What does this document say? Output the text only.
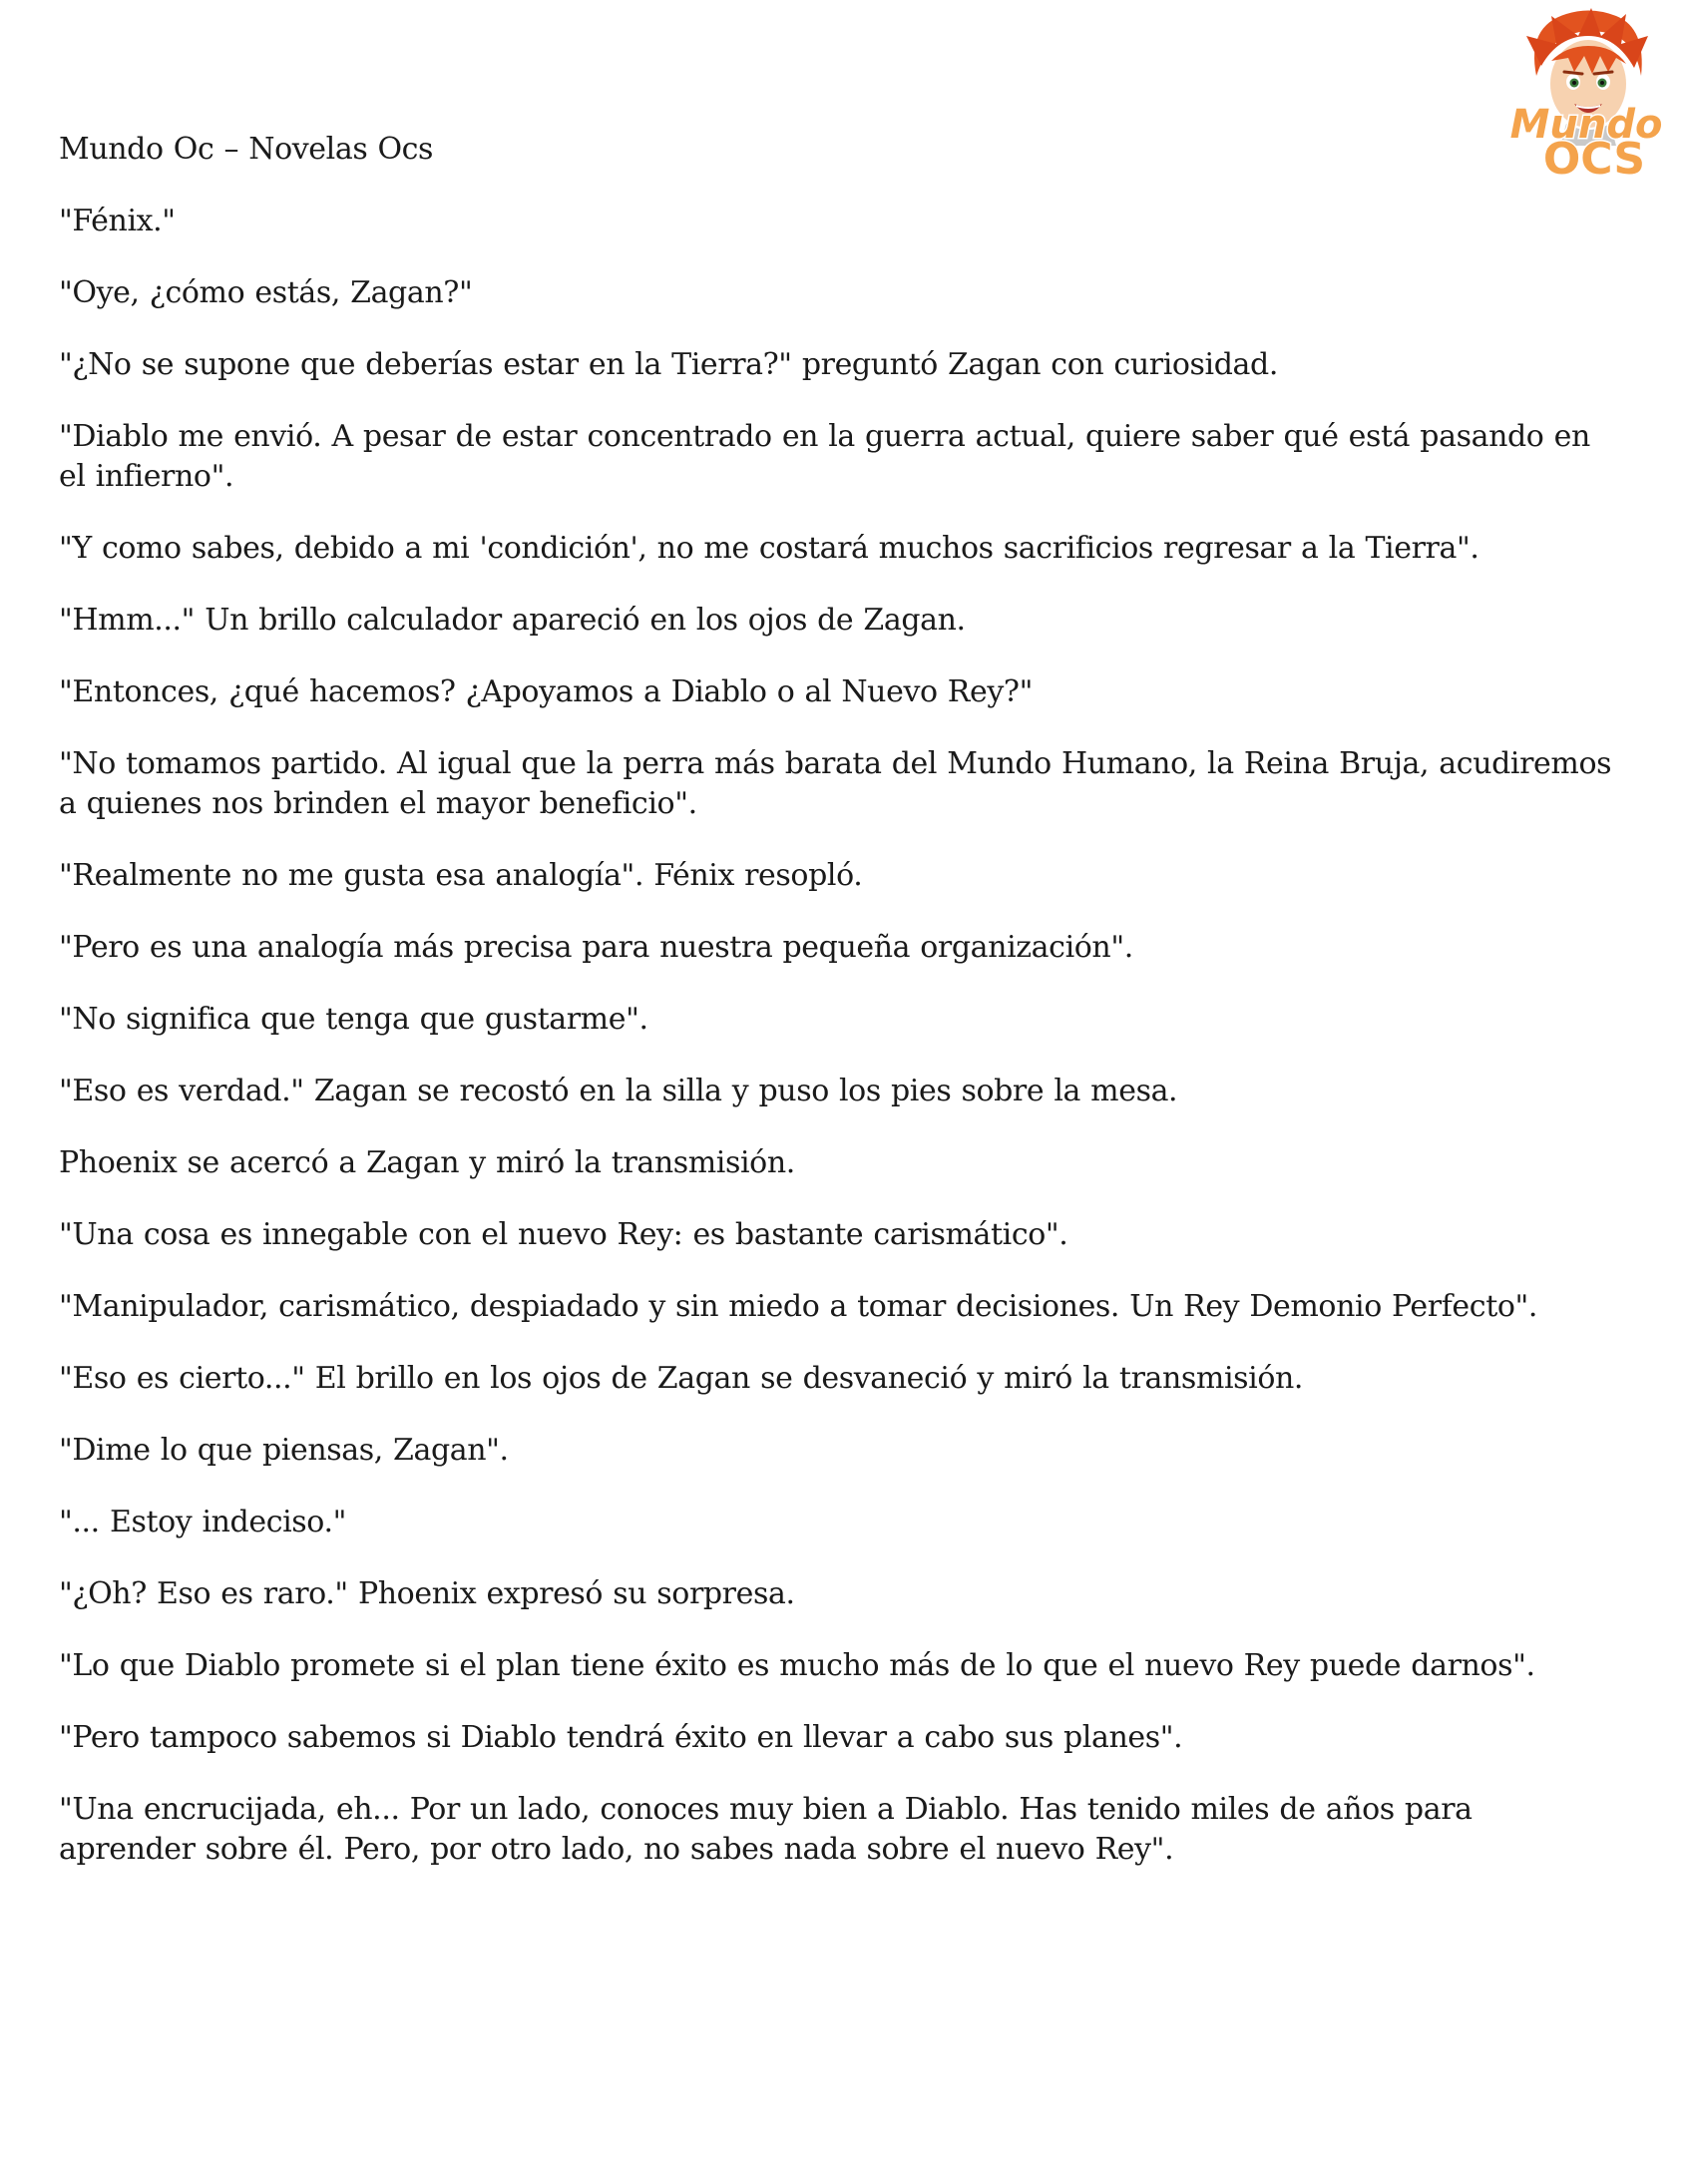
Mundo
OCS

Mundo Oc – Novelas Ocs

"Fénix."

"Oye, ¿cómo estás, Zagan?"

"¿No se supone que deberías estar en la Tierra?" preguntó Zagan con curiosidad.

"Diablo me envió. A pesar de estar concentrado en la guerra actual, quiere saber qué está pasando en el infierno".

"Y como sabes, debido a mi 'condición', no me costará muchos sacrificios regresar a la Tierra".

"Hmm..." Un brillo calculador apareció en los ojos de Zagan.

"Entonces, ¿qué hacemos? ¿Apoyamos a Diablo o al Nuevo Rey?"

"No tomamos partido. Al igual que la perra más barata del Mundo Humano, la Reina Bruja, acudiremos a quienes nos brinden el mayor beneficio".

"Realmente no me gusta esa analogía". Fénix resopló.

"Pero es una analogía más precisa para nuestra pequeña organización".

"No significa que tenga que gustarme".

"Eso es verdad." Zagan se recostó en la silla y puso los pies sobre la mesa.

Phoenix se acercó a Zagan y miró la transmisión.

"Una cosa es innegable con el nuevo Rey: es bastante carismático".

"Manipulador, carismático, despiadado y sin miedo a tomar decisiones. Un Rey Demonio Perfecto".

"Eso es cierto..." El brillo en los ojos de Zagan se desvaneció y miró la transmisión.

"Dime lo que piensas, Zagan".

"... Estoy indeciso."

"¿Oh? Eso es raro." Phoenix expresó su sorpresa.

"Lo que Diablo promete si el plan tiene éxito es mucho más de lo que el nuevo Rey puede darnos".

"Pero tampoco sabemos si Diablo tendrá éxito en llevar a cabo sus planes".

"Una encrucijada, eh... Por un lado, conoces muy bien a Diablo. Has tenido miles de años para aprender sobre él. Pero, por otro lado, no sabes nada sobre el nuevo Rey".
